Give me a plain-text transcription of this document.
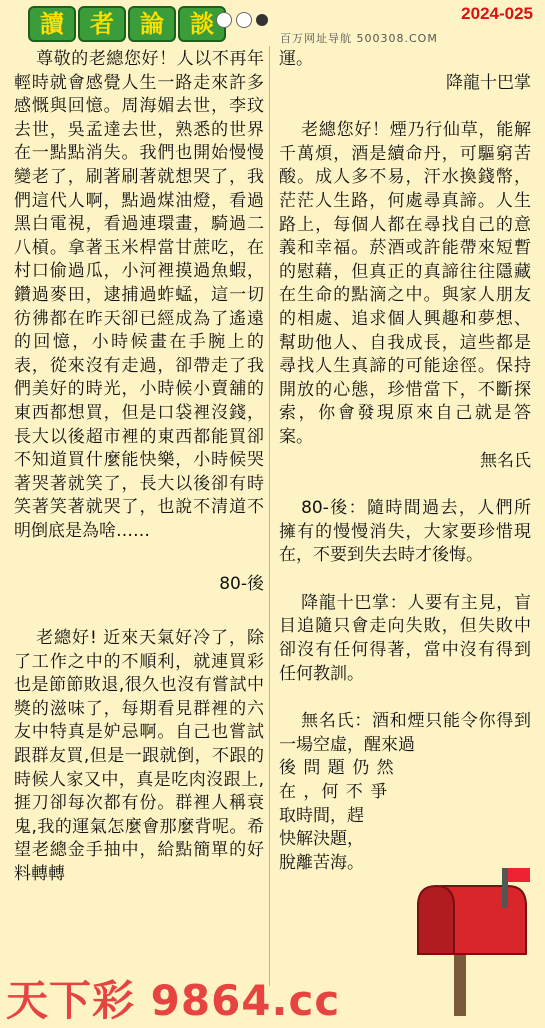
讀	者	論	談	2024-025
百万网址导航 500308.COM

尊敬的老總您好！人以不再年輕時就會感覺人生一路走來許多感慨與回憶。周海媚去世，李玟去世，吳孟達去世，熟悉的世界在一點點消失。我們也開始慢慢變老了，刷著刷著就想哭了，我們這代人啊，點過煤油燈，看過黑白電視，看過連環畫，騎過二八槓。拿著玉米桿當甘蔗吃，在村口偷過瓜，小河裡摸過魚蝦，鑽過麥田，逮捕過蚱蜢，這一切彷彿都在昨天卻已經成為了遙遠的回憶，小時候畫在手腕上的表，從來沒有走過，卻帶走了我們美好的時光，小時候小賣舖的東西都想買，但是口袋裡沒錢，長大以後超市裡的東西都能買卻不知道買什麼能快樂，小時候哭著哭著就笑了，長大以後卻有時笑著笑著就哭了，也說不清道不明倒底是為啥……

80-後

老總好! 近來天氣好冷了，除了工作之中的不順利，就連買彩也是節節敗退,很久也沒有嘗試中獎的滋味了，每期看見群裡的六友中特真是妒忌啊。自己也嘗試跟群友買,但是一跟就倒，不跟的時候人家又中，真是吃肉沒跟上,捱刀卻每次都有份。群裡人稱衰鬼,我的運氣怎麼會那麼背呢。希望老總金手抽中，給點簡單的好料轉轉

運。

降龍十巴掌

老總您好！煙乃行仙草，能解千萬煩，酒是續命丹，可驅窮苦酸。成人多不易，汗水換錢幣，茫茫人生路，何處尋真諦。人生路上，每個人都在尋找自己的意義和幸福。菸酒或許能帶來短暫的慰藉，但真正的真諦往往隱藏在生命的點滴之中。與家人朋友的相處、追求個人興趣和夢想、幫助他人、自我成長，這些都是尋找人生真諦的可能途徑。保持開放的心態，珍惜當下，不斷探索，你會發現原來自己就是答案。

無名氏

80-後：隨時間過去，人們所擁有的慢慢消失，大家要珍惜現在，不要到失去時才後悔。

降龍十巴掌：人要有主見，盲目追隨只會走向失敗，但失敗中卻沒有任何得著，當中沒有得到任何教訓。

無名氏：酒和煙只能令你得到一場空虛，醒來過

後 問 題 仍 然

在 ，何 不 爭

取時間，趕

快解決題，

脫離苦海。

天下彩 9864.cc
